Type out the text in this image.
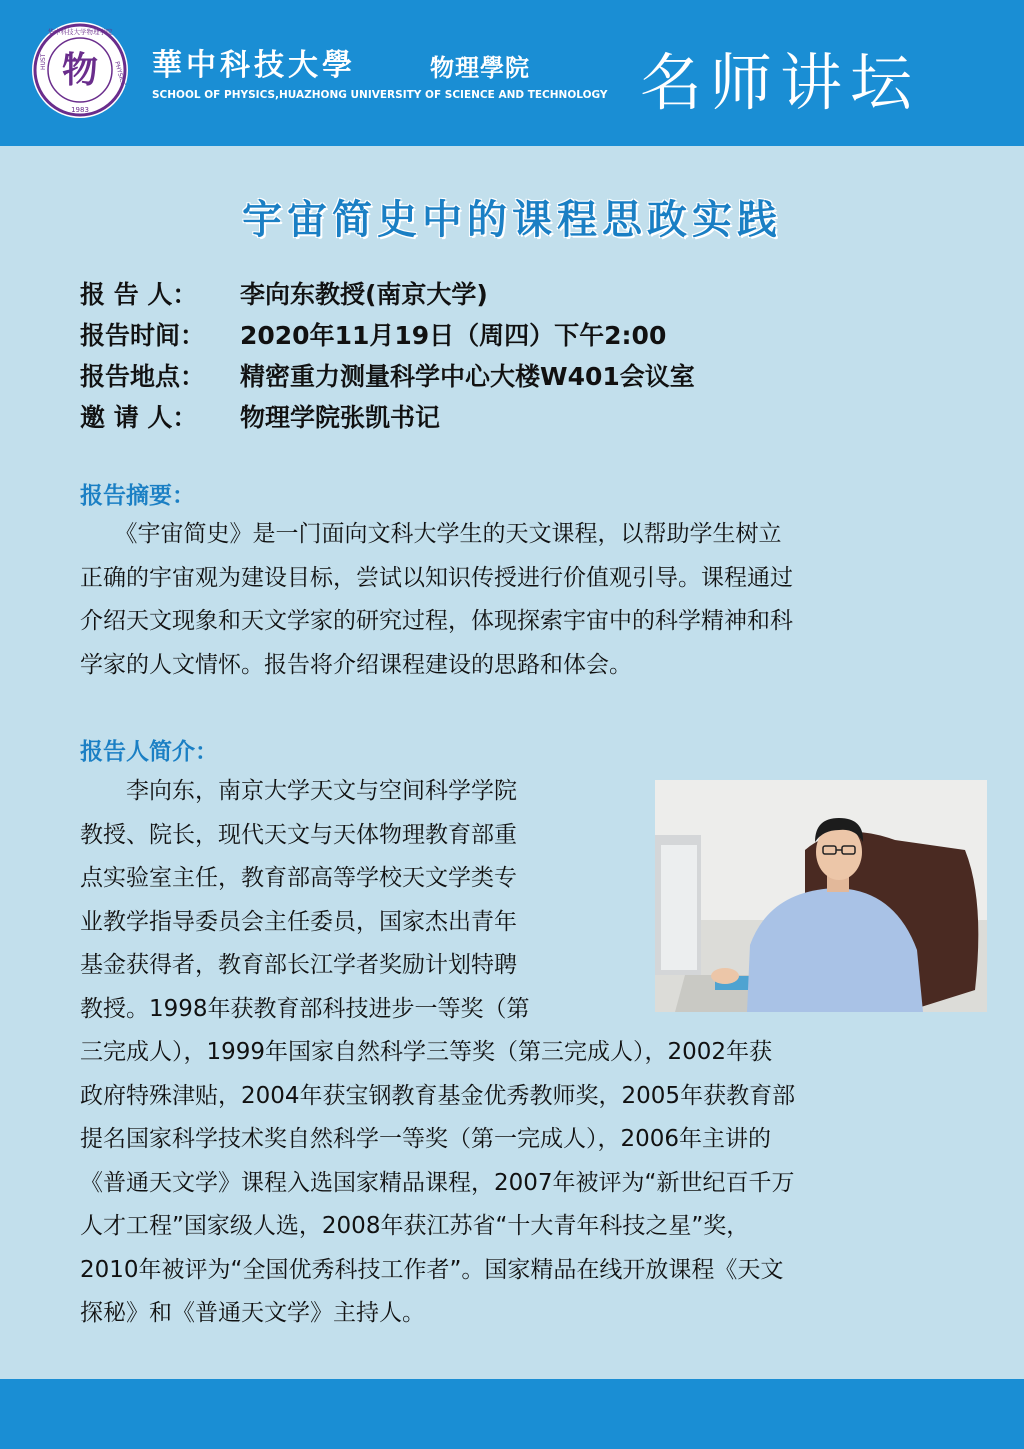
物
华中科技大学物理学院
1983
HUST	PHYSICS 華中科技大學	物理學院
SCHOOL OF PHYSICS,HUAZHONG UNIVERSITY OF SCIENCE AND TECHNOLOGY 名师讲坛
宇宙简史中的课程思政实践
报 告 人： 李向东教授(南京大学)
报告时间： 2020年11月19日（周四）下午2:00
报告地点： 精密重力测量科学中心大楼W401会议室
邀 请 人： 物理学院张凯书记
报告摘要：
　　《宇宙简史》是一门面向文科大学生的天文课程，以帮助学生树立
正确的宇宙观为建设目标，尝试以知识传授进行价值观引导。课程通过
介绍天文现象和天文学家的研究过程，体现探索宇宙中的科学精神和科
学家的人文情怀。报告将介绍课程建设的思路和体会。
报告人简介：
　　李向东，南京大学天文与空间科学学院
教授、院长，现代天文与天体物理教育部重
点实验室主任，教育部高等学校天文学类专
业教学指导委员会主任委员，国家杰出青年
基金获得者，教育部长江学者奖励计划特聘
教授。1998年获教育部科技进步一等奖（第
三完成人），1999年国家自然科学三等奖（第三完成人），2002年获
政府特殊津贴，2004年获宝钢教育基金优秀教师奖，2005年获教育部
提名国家科学技术奖自然科学一等奖（第一完成人），2006年主讲的
《普通天文学》课程入选国家精品课程，2007年被评为“新世纪百千万
人才工程”国家级人选，2008年获江苏省“十大青年科技之星”奖，
2010年被评为“全国优秀科技工作者”。国家精品在线开放课程《天文
探秘》和《普通天文学》主持人。
